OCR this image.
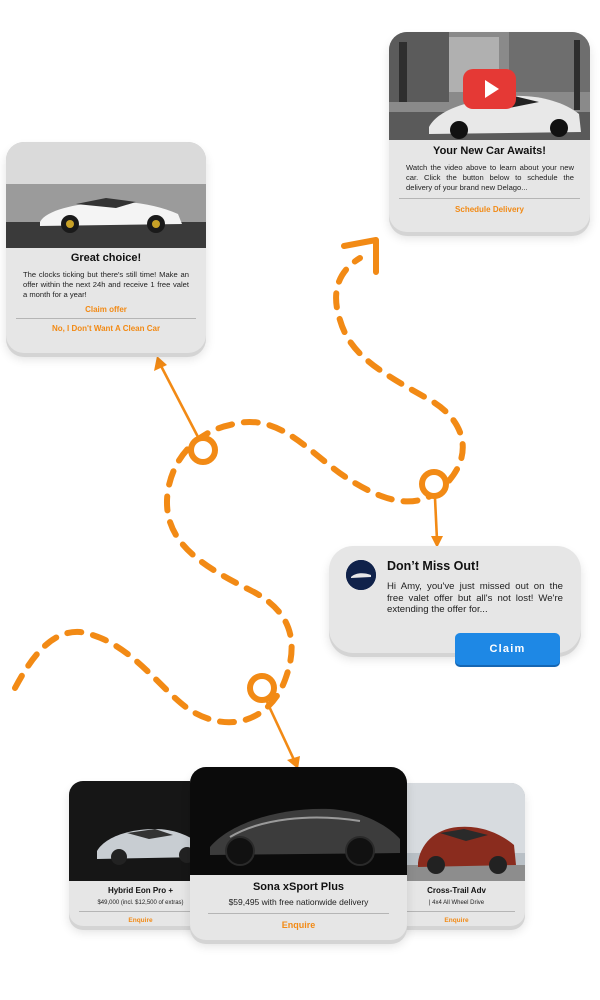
Great choice!
The clocks ticking but there's still time! Make an offer within the next 24h and receive 1 free valet a month for a year!
Claim offer
No, I Don't Want A Clean Car
Your New Car Awaits!
Watch the video above to learn about your new car. Click the button below to schedule the delivery of your brand new Delago...
Schedule Delivery
Don’t Miss Out!
Hi Amy, you've just missed out on the free valet offer but all's not lost! We're extending the offer for...
Claim
Hybrid Eon Pro +
$49,000 (incl. $12,500 of extras)
Enquire
Cross-Trail Adv
| 4x4 All Wheel Drive
Enquire
Sona xSport Plus
$59,495 with free nationwide delivery
Enquire
